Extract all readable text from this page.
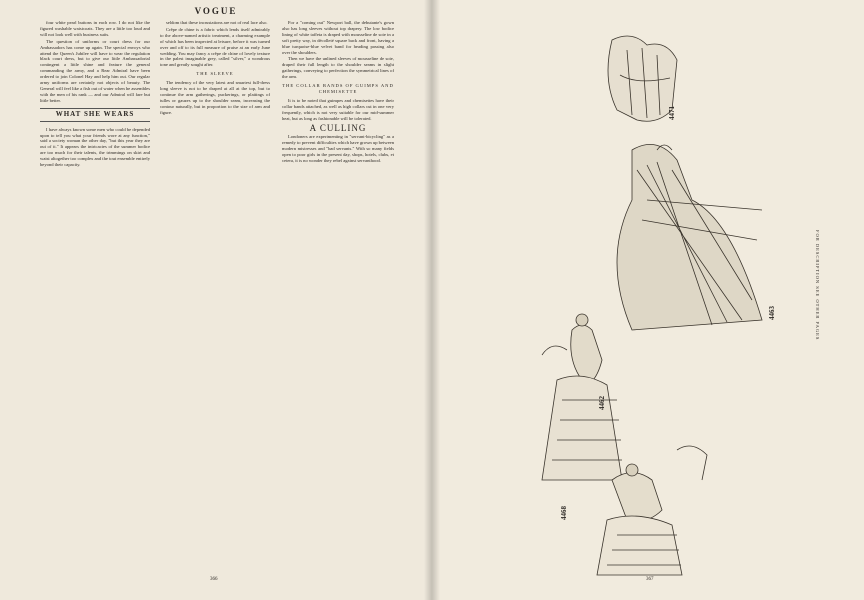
VOGUE

four white pearl buttons in each row. I do not like the figured washable waistcoats. They are a little too loud and will not look well with business suits.

The question of uniforms or court dress for our Ambassadors has come up again. The special envoys who attend the Queen's Jubilee will have to wear the regulation black court dress, but to give our little Ambassadorial contingent a little shine and feature the general commanding the army, and a Rear Admiral have been ordered to join Colonel Hay and help him out. Our regular army uniforms are certainly not objects of beauty. The General will feel like a fish out of water when he assembles with the men of his rank — and our Admiral will fare but little better.

WHAT SHE WEARS

I have always known some men who could be depended upon to tell you what your friends wore at any function," said a society woman the other day, "but this year they are out of it." It appears the intricacies of the summer bodice are too much for their talents, the trimmings on skirt and waist altogether too complex and the tout ensemble entirely beyond their capacity.

seldom that these incrustations are not of real lace also.

Crêpe de chine is a fabric which lends itself admirably to the above-named artistic treatment, a charming example of which has been inspected at leisure, before it was turned over and off to its full measure of praise at an early June wedding. You may fancy a crêpe de chine of lovely texture in the palest imaginable grey, called "silver," a wondrous tone and greatly sought after.

THE SLEEVE

The tendency of the very latest and smartest full-dress long sleeve is not to be draped at all at the top, but to continue the arm gatherings, puckerings, or plaitings of tulles or gauzes up to the shoulder seam, increasing the contour naturally, but in proportion to the size of arm and figure.

For a "coming out" Newport ball, the debutante's gown also has long sleeves without top drapery. The low bodice lining of white taffeta is draped with mousseline de soie in a soft pretty way, in décolleté square back and front, having a blue turquoise-blue velvet band for heading passing also over the shoulders.

Then we have the unlined sleeves of mousseline de soie, draped their full length to the shoulder seams in slight gatherings, conveying to perfection the symmetrical lines of the arm.

THE COLLAR BANDS OF GUIMPS AND CHEMISETTE

It is to be noted that guimpes and chemisettes have their collar bands attached, as well as high collars cut in one very frequently, which is not very suitable for our mid-summer heat, but as long as fashionable will be tolerated.

A CULLING

Londoners are experimenting in "servant-bicycling" as a remedy to prevent difficulties which have grown up between modern mistresses and "bad servants." With so many fields open to poor girls in the present day, shops, hotels, clubs, et cetera, it is no wonder they rebel against servanthood.

366
4471
4463
4462
4468
FOR DESCRIPTION SEE OTHER PAGES
367
